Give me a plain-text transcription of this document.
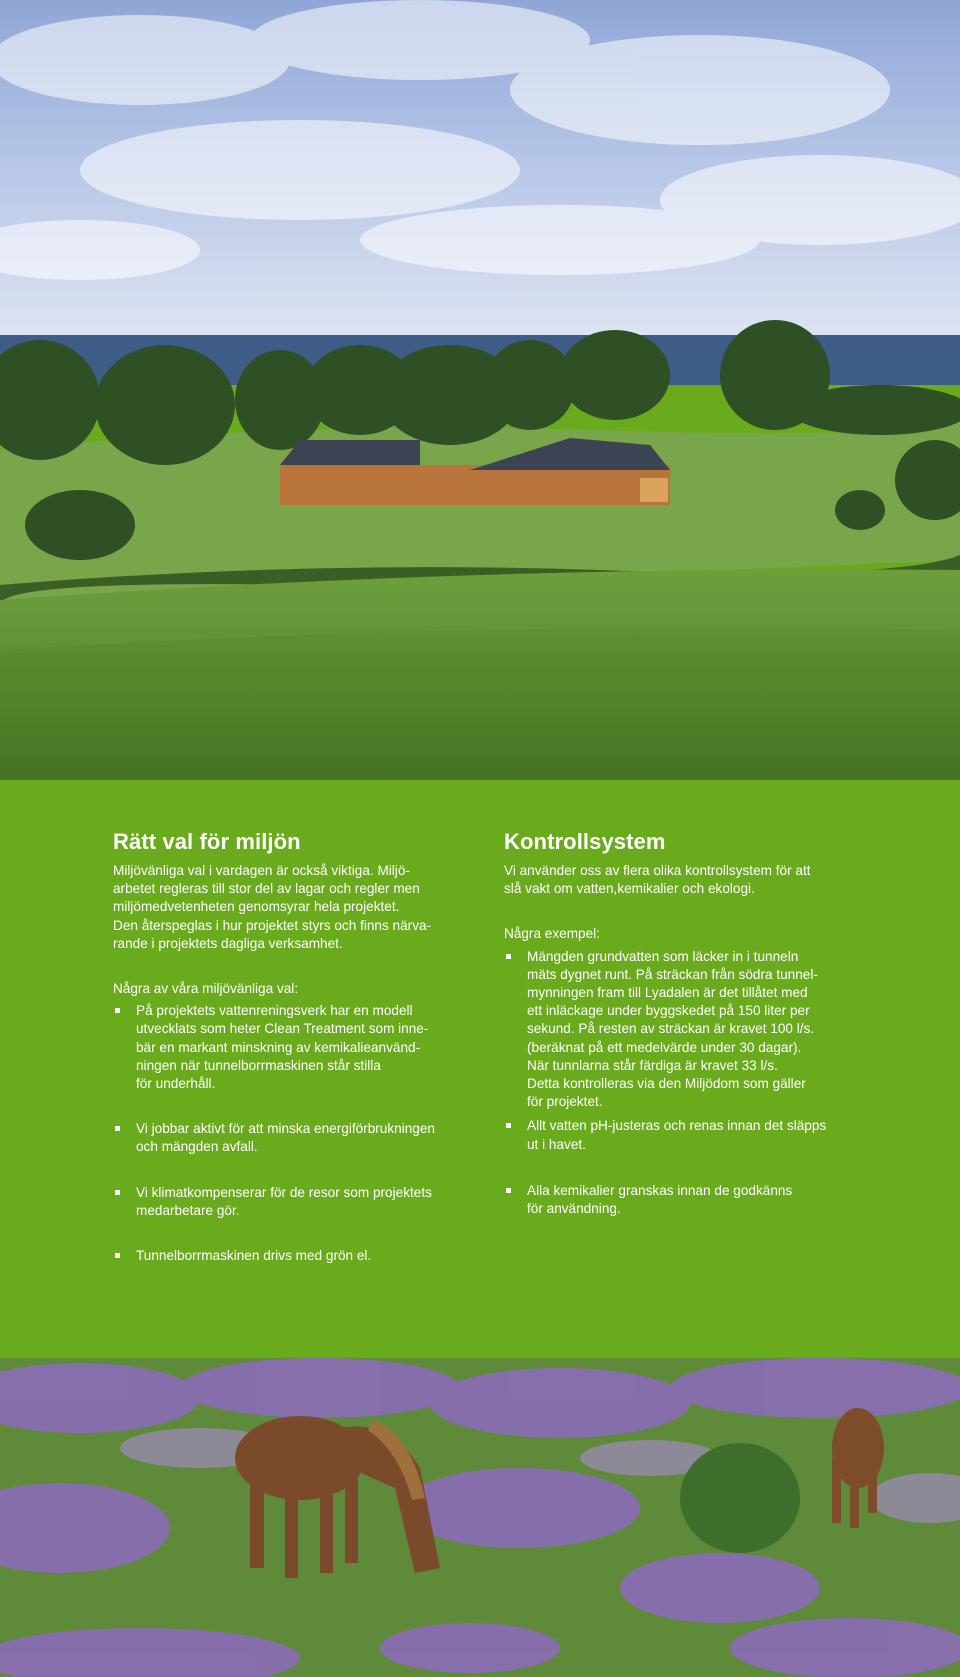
Rätt val för miljön

Miljövänliga val i vardagen är också viktiga. Miljö-
arbetet regleras till stor del av lagar och regler men
miljömedvetenheten genomsyrar hela projektet.
Den återspeglas i hur projektet styrs och finns närva-
rande i projektets dagliga verksamhet.

Några av våra miljövänliga val:

På projektets vattenreningsverk har en modell
utvecklats som heter Clean Treatment som inne-
bär en markant minskning av kemikalieanvänd-
ningen när tunnelborrmaskinen står stilla
för underhåll.
Vi jobbar aktivt för att minska energiförbrukningen
och mängden avfall.
Vi klimatkompenserar för de resor som projektets
medarbetare gör.
Tunnelborrmaskinen drivs med grön el.
Kontrollsystem

Vi använder oss av flera olika kontrollsystem för att
slå vakt om vatten,kemikalier och ekologi.

Några exempel:

Mängden grundvatten som läcker in i tunneln
mäts dygnet runt. På sträckan från södra tunnel-
mynningen fram till Lyadalen är det tillåtet med
ett inläckage under byggskedet på 150 liter per
sekund. På resten av sträckan är kravet 100 l/s.
(beräknat på ett medelvärde under 30 dagar).
När tunnlarna står färdiga är kravet 33 l/s.
Detta kontrolleras via den Miljödom som gäller
för projektet.
Allt vatten pH-justeras och renas innan det släpps
ut i havet.
Alla kemikalier granskas innan de godkänns
för användning.
